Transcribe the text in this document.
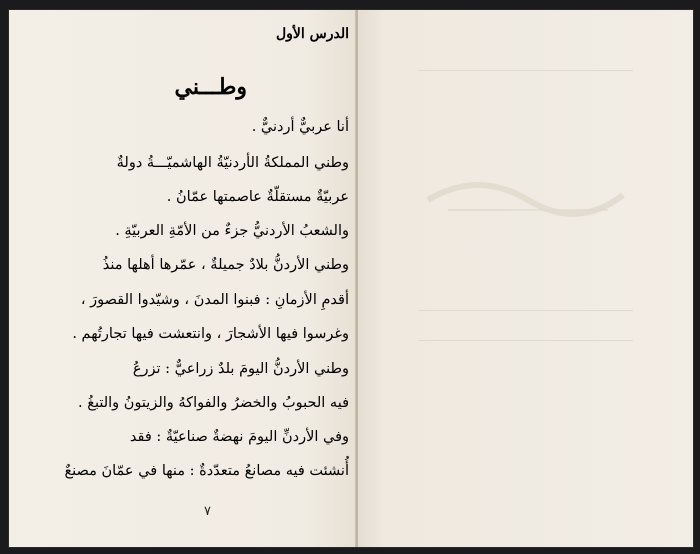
الدرس الأول
وطـــني
أنا عربيٌّ أردنيٌّ .
وطني المملكةُ الأردنيّةُ الهاشميّـــةُ دولةٌ
عربيّةٌ مستقلّةٌ عاصمتها عمّانُ .
والشعبُ الأردنيُّ جزءٌ من الأمّةِ العربيّةِ .
وطني الأردنُّ بلادٌ جميلةٌ ، عمّرها أهلها منذُ
أقدمِ الأزمانِ : فبنوا المدنَ ، وشيّدوا القصورَ ،
وغرسوا فيها الأشجارَ ، وانتعشت فيها تجارتُهم .
وطني الأردنُّ اليومَ بلدٌ زراعيٌّ : تزرعُ
فيه الحبوبُ والخضرُ والفواكهُ والزيتونُ والتبغُ .
وفي الأردنِّ اليومَ نهضةٌ صناعيّةٌ : فقد
أُنشئت فيه مصانعُ متعدّدةٌ : منها في عمّانَ مصنعٌ
٧
